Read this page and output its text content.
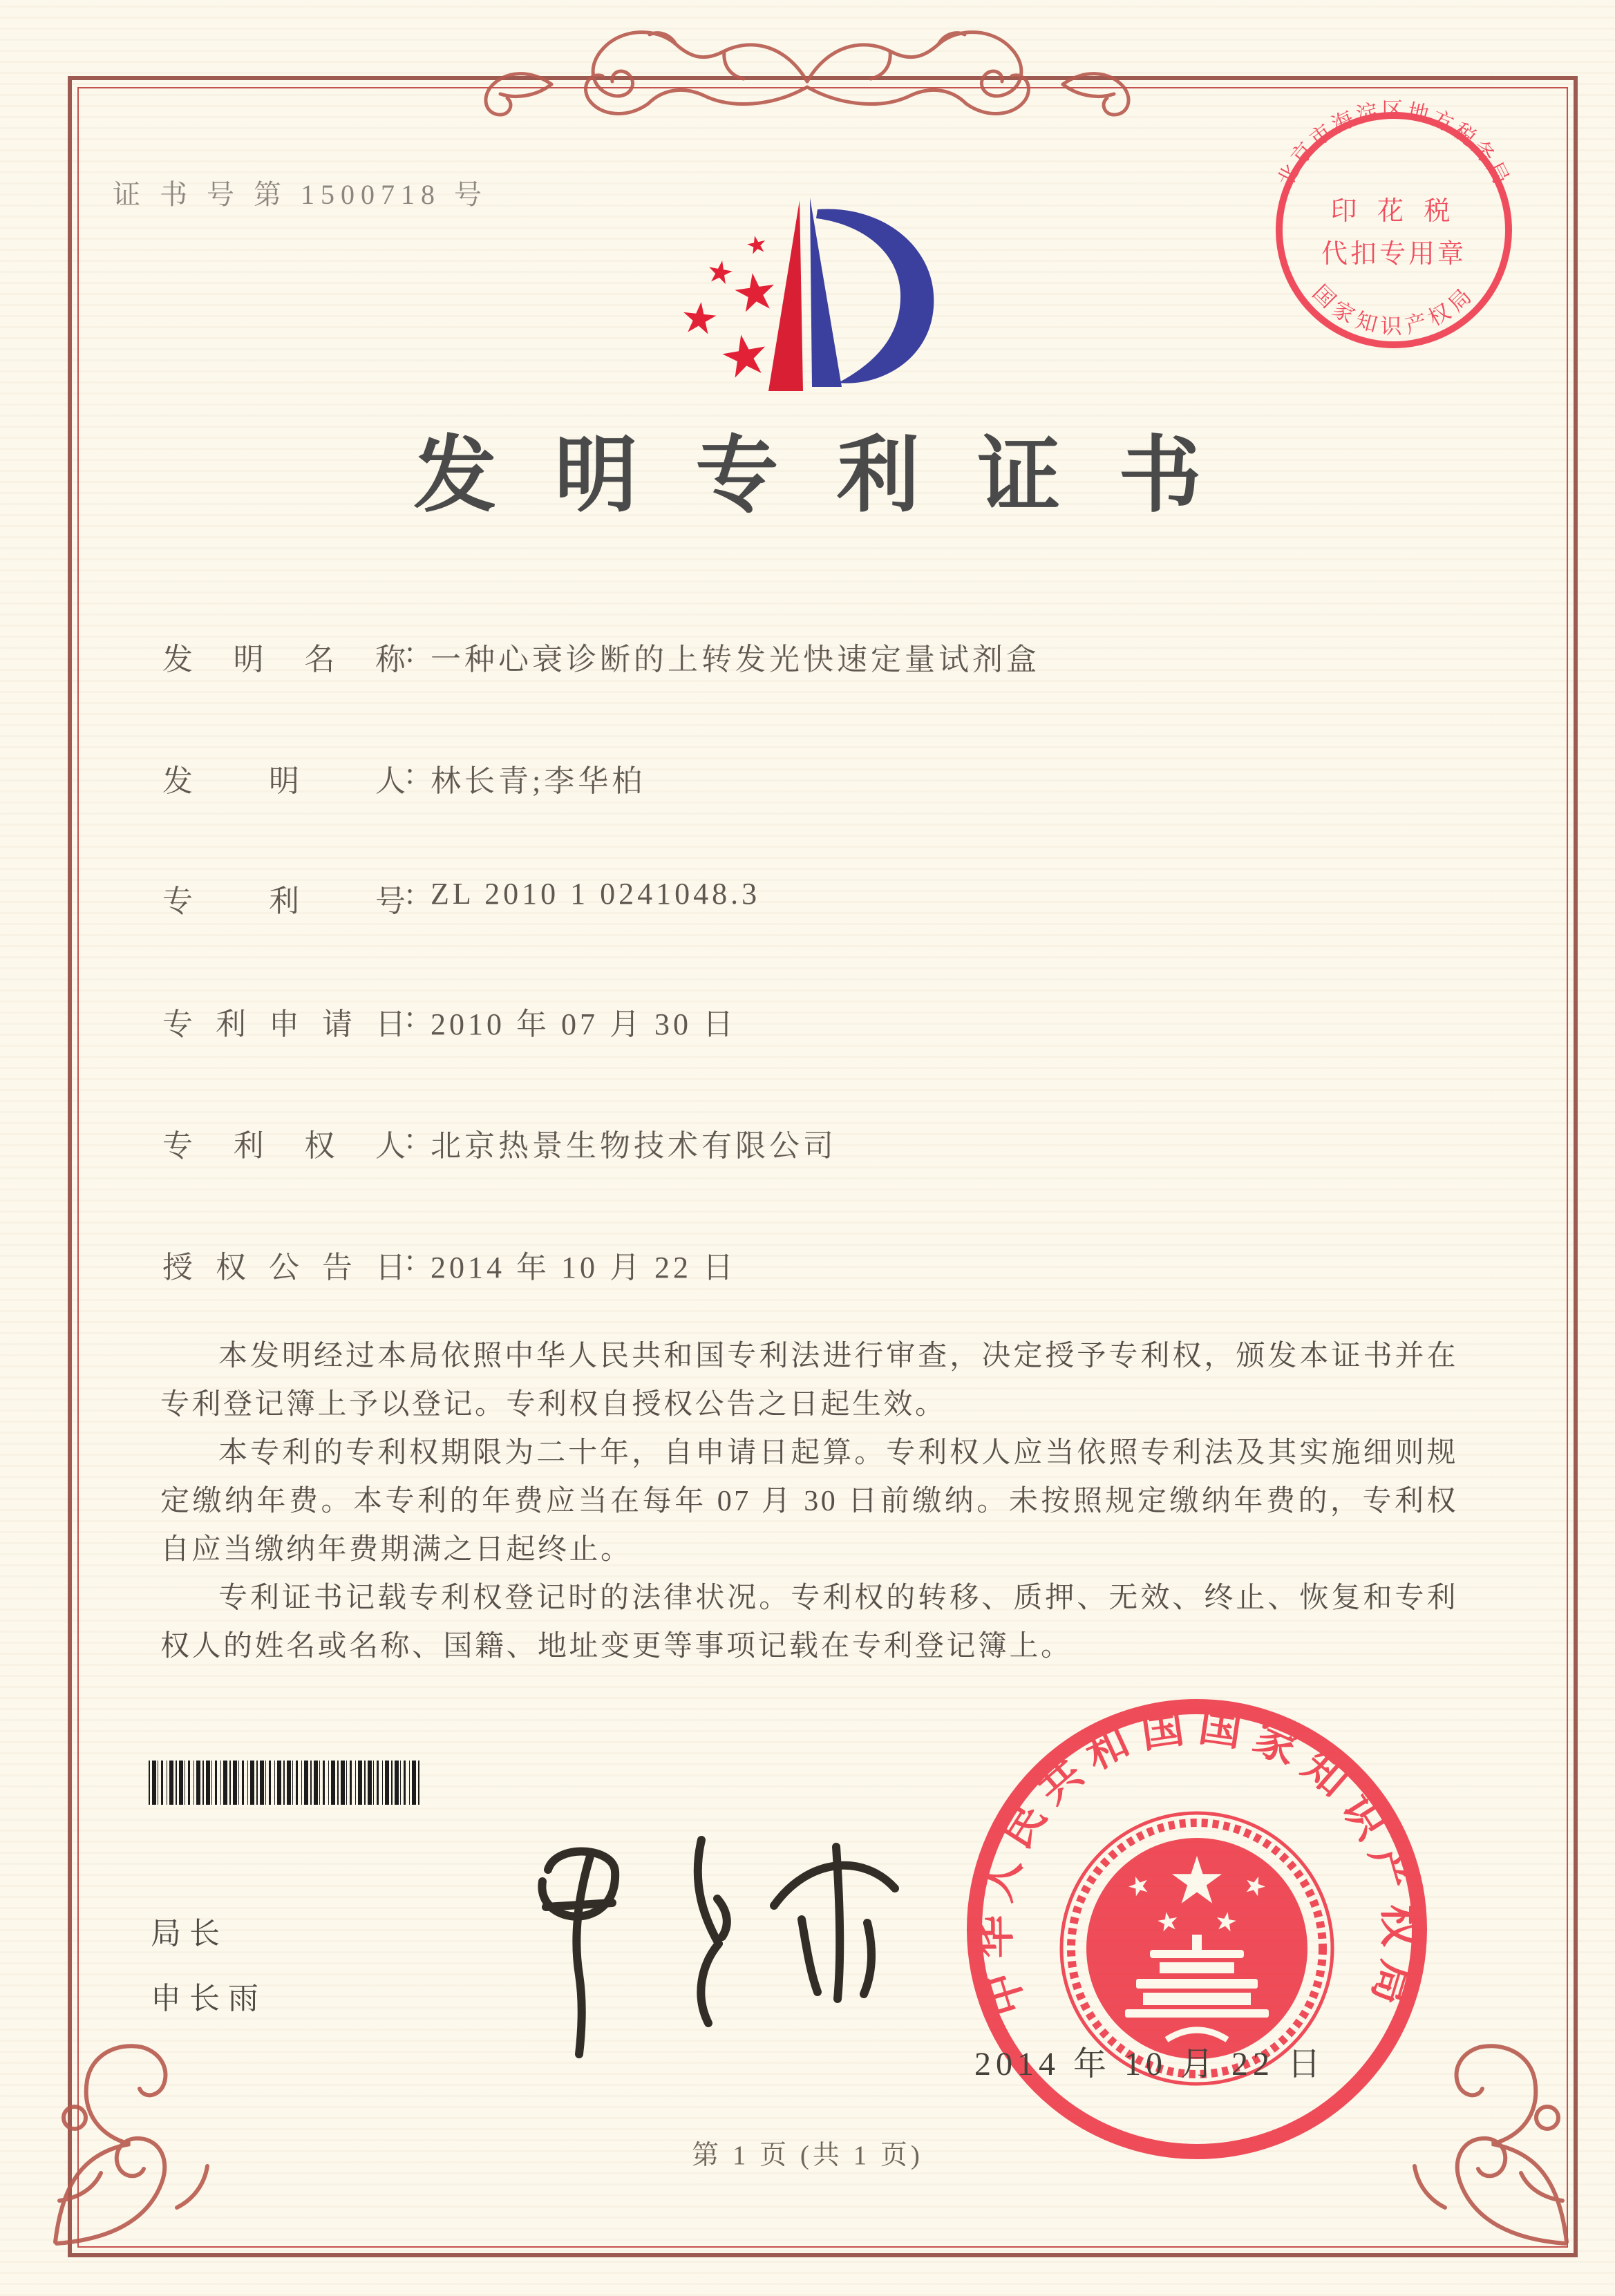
证 书 号 第 1500718 号
北京市海淀区地方税务局
国家知识产权局
印 花 税
代扣专用章
发明专利证书
发明名称: 一种心衰诊断的上转发光快速定量试剂盒
发明人: 林长青;李华柏
专利号: ZL 2010 1 0241048.3
专利申请日: 2010 年 07 月 30 日
专利权人: 北京热景生物技术有限公司
授权公告日: 2014 年 10 月 22 日

本发明经过本局依照中华人民共和国专利法进行审查，决定授予专利权，颁发本证书并在专利登记簿上予以登记。专利权自授权公告之日起生效。

本专利的专利权期限为二十年，自申请日起算。专利权人应当依照专利法及其实施细则规定缴纳年费。本专利的年费应当在每年 07 月 30 日前缴纳。未按照规定缴纳年费的，专利权自应当缴纳年费期满之日起终止。

专利证书记载专利权登记时的法律状况。专利权的转移、质押、无效、终止、恢复和专利权人的姓名或名称、国籍、地址变更等事项记载在专利登记簿上。

局长
申长雨	中华人民共和国国家知识产权局
2014 年 10 月 22 日
第 1 页 (共 1 页)
